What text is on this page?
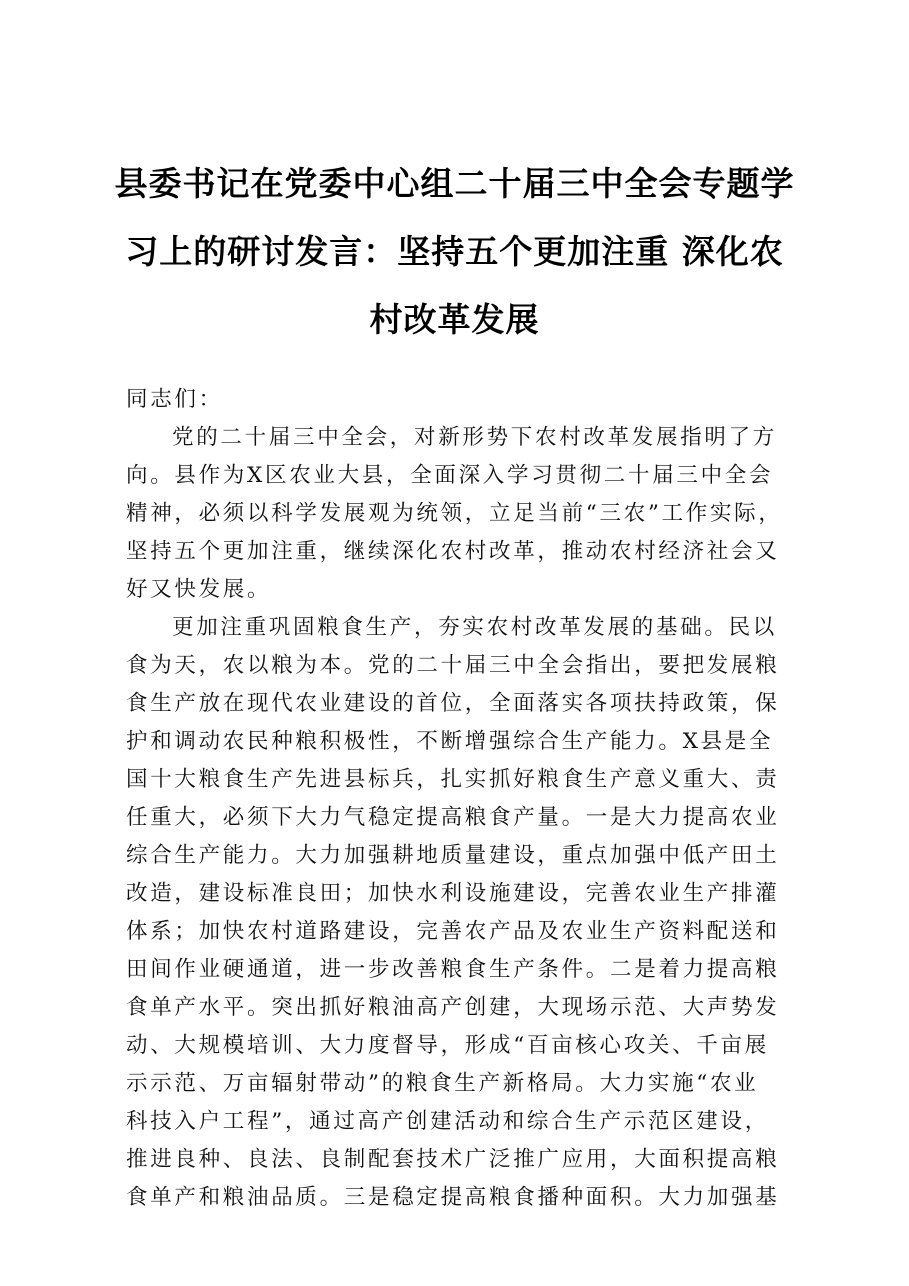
县委书记在党委中心组二十届三中全会专题学
习上的研讨发言：坚持五个更加注重 深化农
村改革发展
同志们：
党的二十届三中全会，对新形势下农村改革发展指明了方
向。县作为X区农业大县，全面深入学习贯彻二十届三中全会
精神，必须以科学发展观为统领，立足当前“三农”工作实际，
坚持五个更加注重，继续深化农村改革，推动农村经济社会又
好又快发展。
更加注重巩固粮食生产，夯实农村改革发展的基础。民以
食为天，农以粮为本。党的二十届三中全会指出，要把发展粮
食生产放在现代农业建设的首位，全面落实各项扶持政策，保
护和调动农民种粮积极性，不断增强综合生产能力。X县是全
国十大粮食生产先进县标兵，扎实抓好粮食生产意义重大、责
任重大，必须下大力气稳定提高粮食产量。一是大力提高农业
综合生产能力。大力加强耕地质量建设，重点加强中低产田土
改造，建设标准良田；加快水利设施建设，完善农业生产排灌
体系；加快农村道路建设，完善农产品及农业生产资料配送和
田间作业硬通道，进一步改善粮食生产条件。二是着力提高粮
食单产水平。突出抓好粮油高产创建，大现场示范、大声势发
动、大规模培训、大力度督导，形成“百亩核心攻关、千亩展
示示范、万亩辐射带动”的粮食生产新格局。大力实施“农业
科技入户工程”，通过高产创建活动和综合生产示范区建设，
推进良种、良法、良制配套技术广泛推广应用，大面积提高粮
食单产和粮油品质。三是稳定提高粮食播种面积。大力加强基
